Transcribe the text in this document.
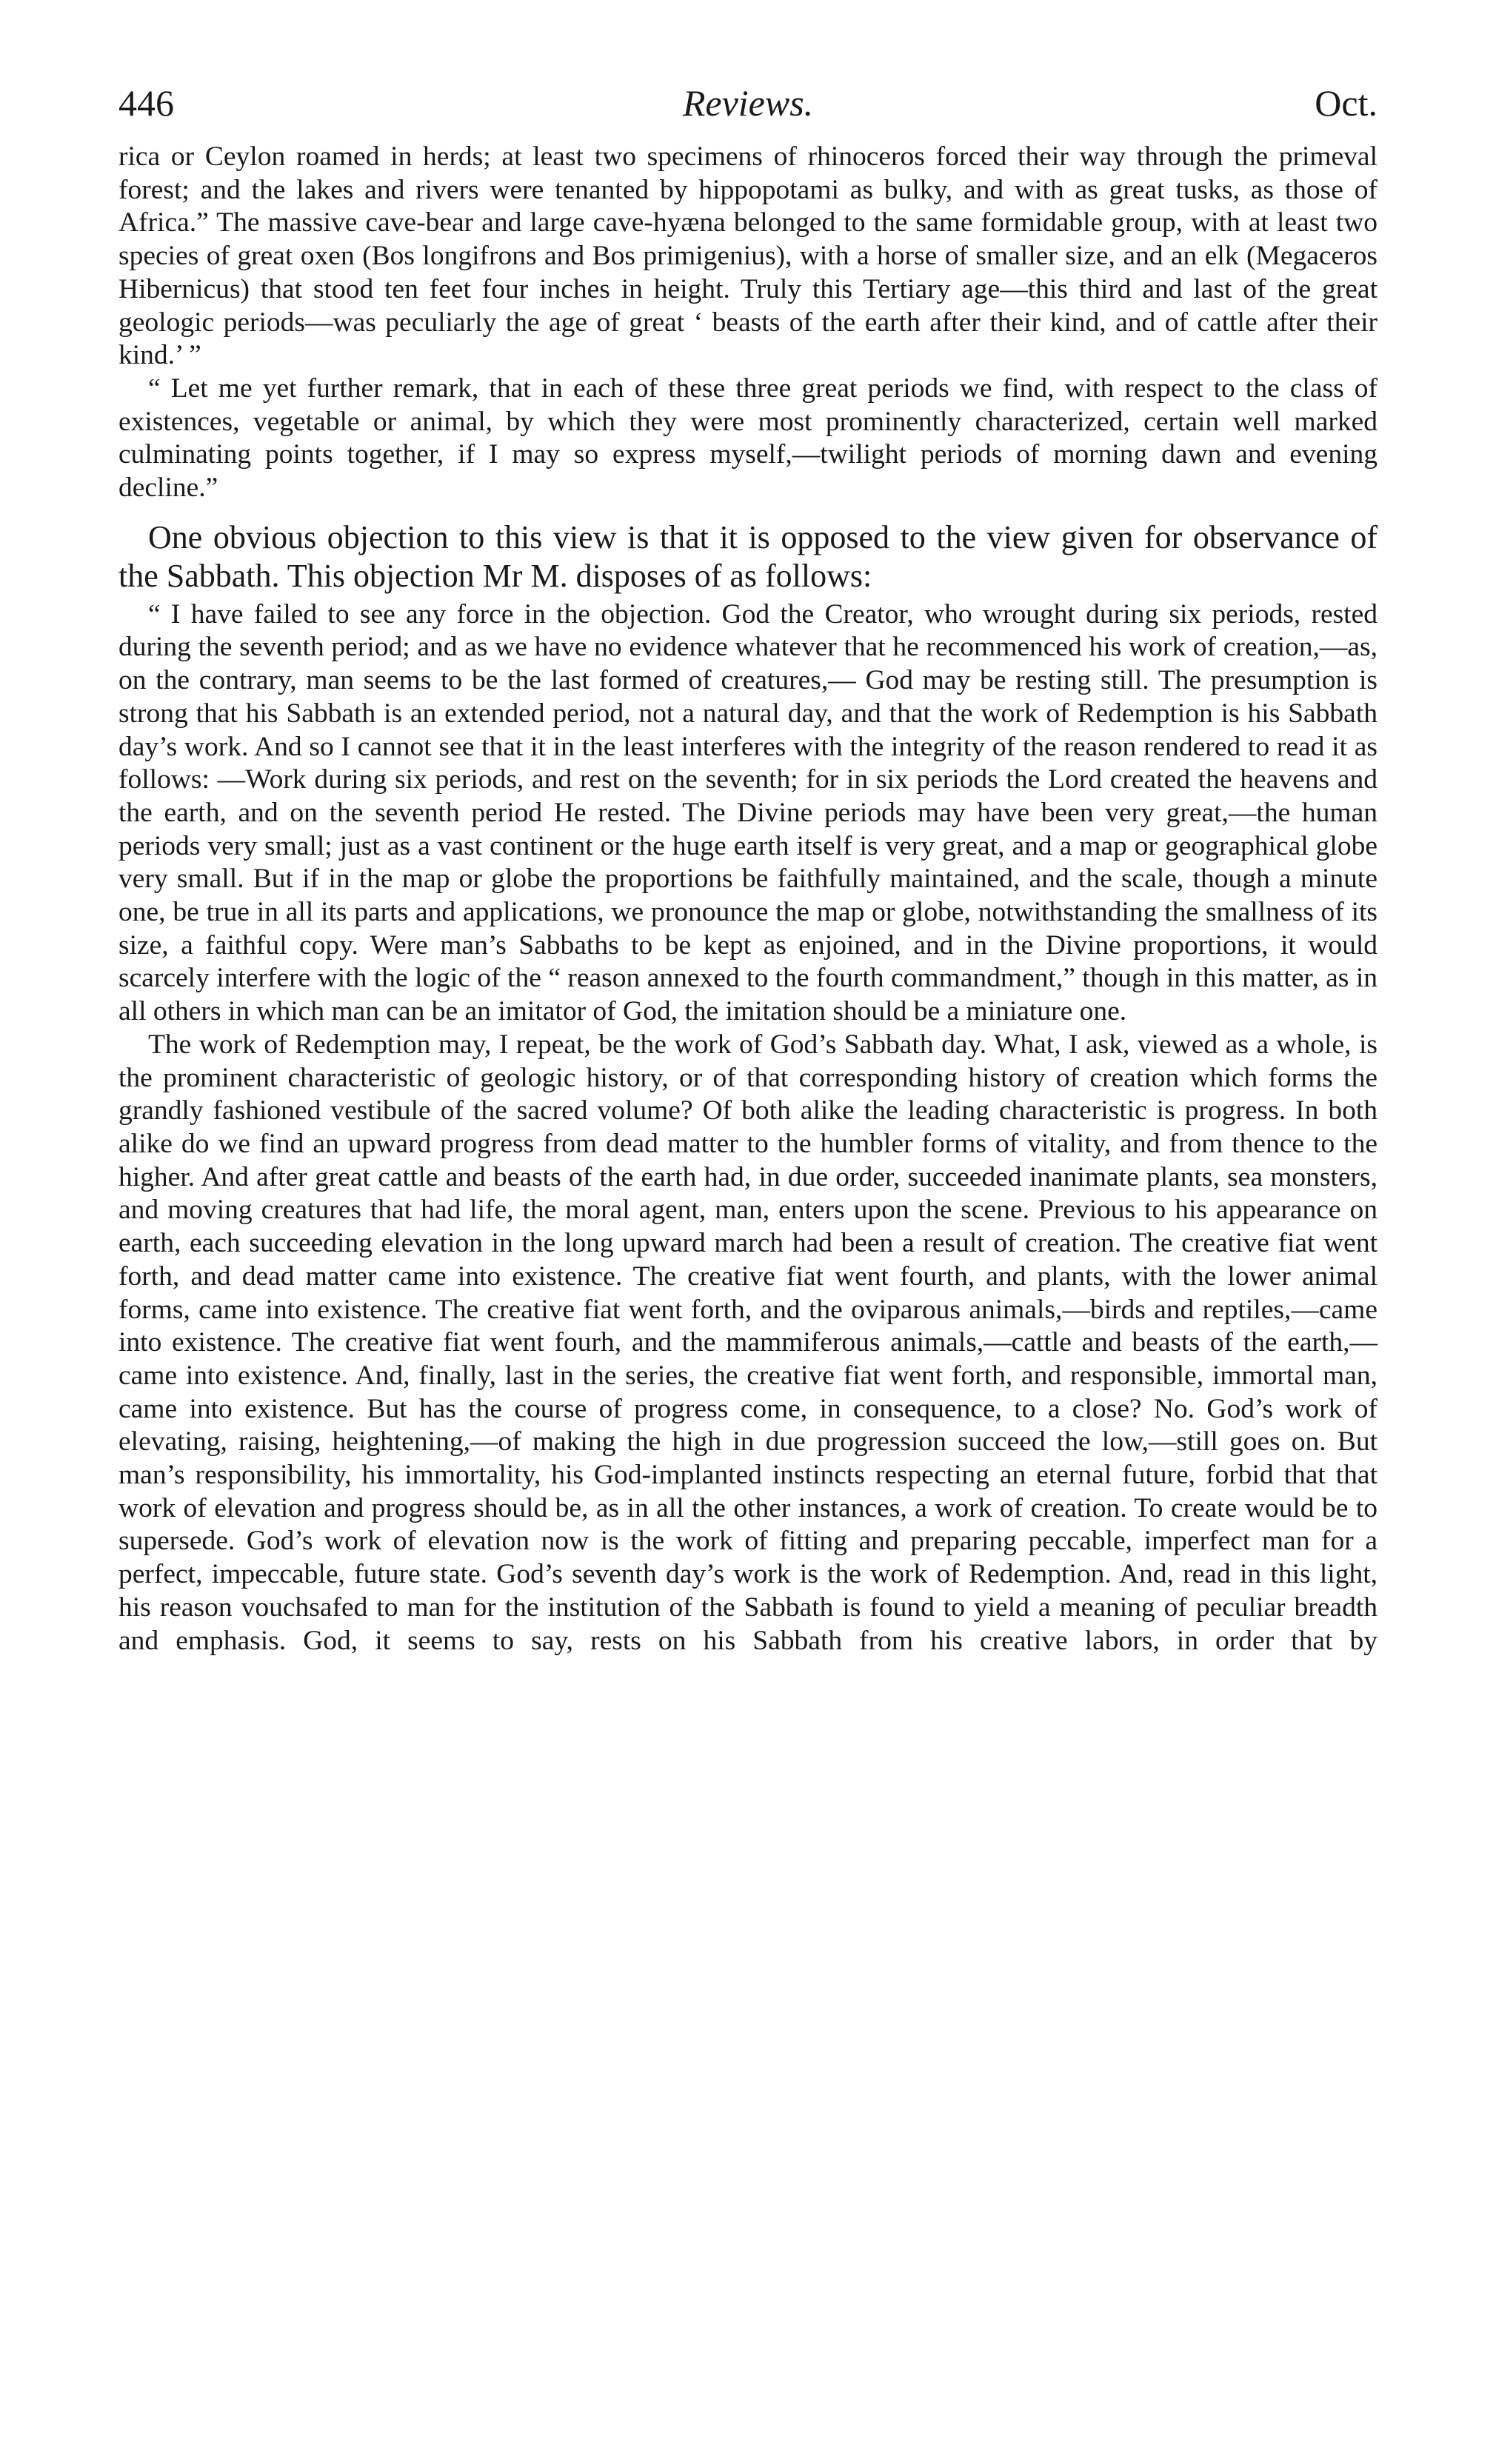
446	Reviews.	Oct.

rica or Ceylon roamed in herds; at least two specimens of rhinoceros forced their way through the primeval forest; and the lakes and rivers were tenanted by hippopotami as bulky, and with as great tusks, as those of Africa.” The massive cave-bear and large cave-hyæna belonged to the same formidable group, with at least two species of great oxen (Bos longifrons and Bos primigenius), with a horse of smaller size, and an elk (Megaceros Hibernicus) that stood ten feet four inches in height. Truly this Tertiary age—this third and last of the great geologic periods—was peculiarly the age of great ‘ beasts of the earth after their kind, and of cattle after their kind.’ ”

“ Let me yet further remark, that in each of these three great periods we find, with respect to the class of existences, vegetable or animal, by which they were most prominently characterized, certain well marked culminating points together, if I may so express myself,—twilight periods of morning dawn and evening decline.”

One obvious objection to this view is that it is opposed to the view given for observance of the Sabbath. This objection Mr M. disposes of as follows:

“ I have failed to see any force in the objection. God the Creator, who wrought during six periods, rested during the seventh period; and as we have no evidence whatever that he recommenced his work of creation,—as, on the contrary, man seems to be the last formed of creatures,— God may be resting still. The presumption is strong that his Sabbath is an extended period, not a natural day, and that the work of Redemption is his Sabbath day’s work. And so I cannot see that it in the least interferes with the integrity of the reason rendered to read it as follows: —Work during six periods, and rest on the seventh; for in six periods the Lord created the heavens and the earth, and on the seventh period He rested. The Divine periods may have been very great,—the human periods very small; just as a vast continent or the huge earth itself is very great, and a map or geographical globe very small. But if in the map or globe the proportions be faithfully maintained, and the scale, though a minute one, be true in all its parts and applications, we pronounce the map or globe, notwithstanding the smallness of its size, a faithful copy. Were man’s Sabbaths to be kept as enjoined, and in the Divine proportions, it would scarcely interfere with the logic of the “ reason annexed to the fourth commandment,” though in this matter, as in all others in which man can be an imitator of God, the imitation should be a miniature one.

The work of Redemption may, I repeat, be the work of God’s Sabbath day. What, I ask, viewed as a whole, is the prominent characteristic of geologic history, or of that corresponding history of creation which forms the grandly fashioned vestibule of the sacred volume? Of both alike the leading characteristic is progress. In both alike do we find an upward progress from dead matter to the humbler forms of vitality, and from thence to the higher. And after great cattle and beasts of the earth had, in due order, succeeded inanimate plants, sea monsters, and moving creatures that had life, the moral agent, man, enters upon the scene. Previous to his appearance on earth, each succeeding elevation in the long upward march had been a result of creation. The creative fiat went forth, and dead matter came into existence. The creative fiat went fourth, and plants, with the lower animal forms, came into existence. The creative fiat went forth, and the oviparous animals,—birds and reptiles,—came into existence. The creative fiat went fourh, and the mammiferous animals,—cattle and beasts of the earth,—came into existence. And, finally, last in the series, the creative fiat went forth, and responsible, immortal man, came into existence. But has the course of progress come, in consequence, to a close? No. God’s work of elevating, raising, heightening,—of making the high in due progression succeed the low,—still goes on. But man’s responsibility, his immortality, his God-implanted instincts respecting an eternal future, forbid that that work of elevation and progress should be, as in all the other instances, a work of creation. To create would be to supersede. God’s work of elevation now is the work of fitting and preparing peccable, imperfect man for a perfect, impeccable, future state. God’s seventh day’s work is the work of Redemption. And, read in this light, his reason vouchsafed to man for the institution of the Sabbath is found to yield a meaning of peculiar breadth and emphasis. God, it seems to say, rests on his Sabbath from his creative labors, in order that by
